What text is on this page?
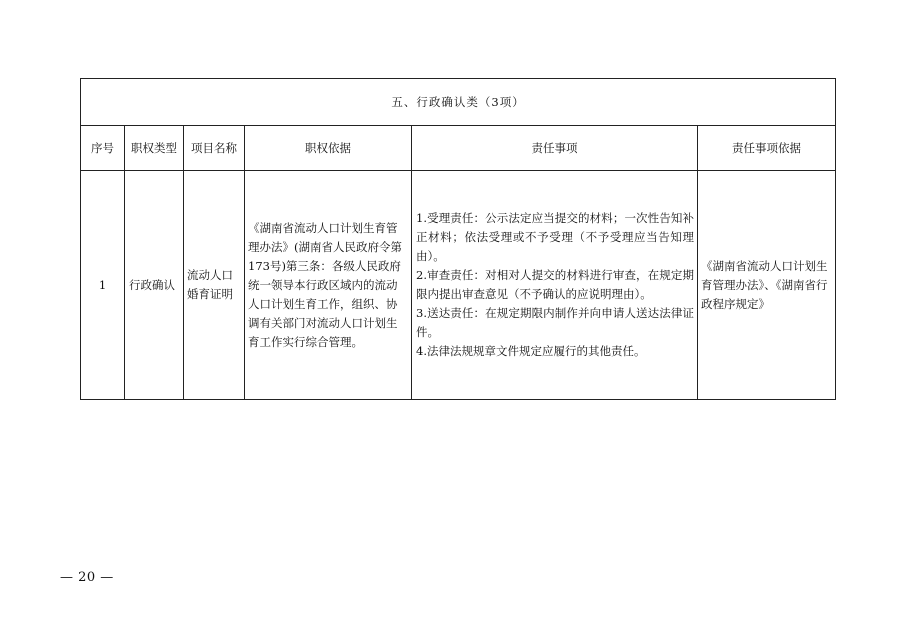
五、行政确认类（3项）					
序号	职权类型	项目名称	职权依据	责任事项	责任事项依据
1	行政确认	流动人口婚育证明	《湖南省流动人口计划生育管理办法》(湖南省人民政府令第173号)第三条：各级人民政府统一领导本行政区域内的流动人口计划生育工作，组织、协调有关部门对流动人口计划生育工作实行综合管理。	1.受理责任：公示法定应当提交的材料；一次性告知补正材料；依法受理或不予受理（不予受理应当告知理由）。

2.审查责任：对相对人提交的材料进行审查，在规定期限内提出审查意见（不予确认的应说明理由）。

3.送达责任：在规定期限内制作并向申请人送达法律证件。

4.法律法规规章文件规定应履行的其他责任。	《湖南省流动人口计划生育管理办法》、《湖南省行政程序规定》
— 20 —
